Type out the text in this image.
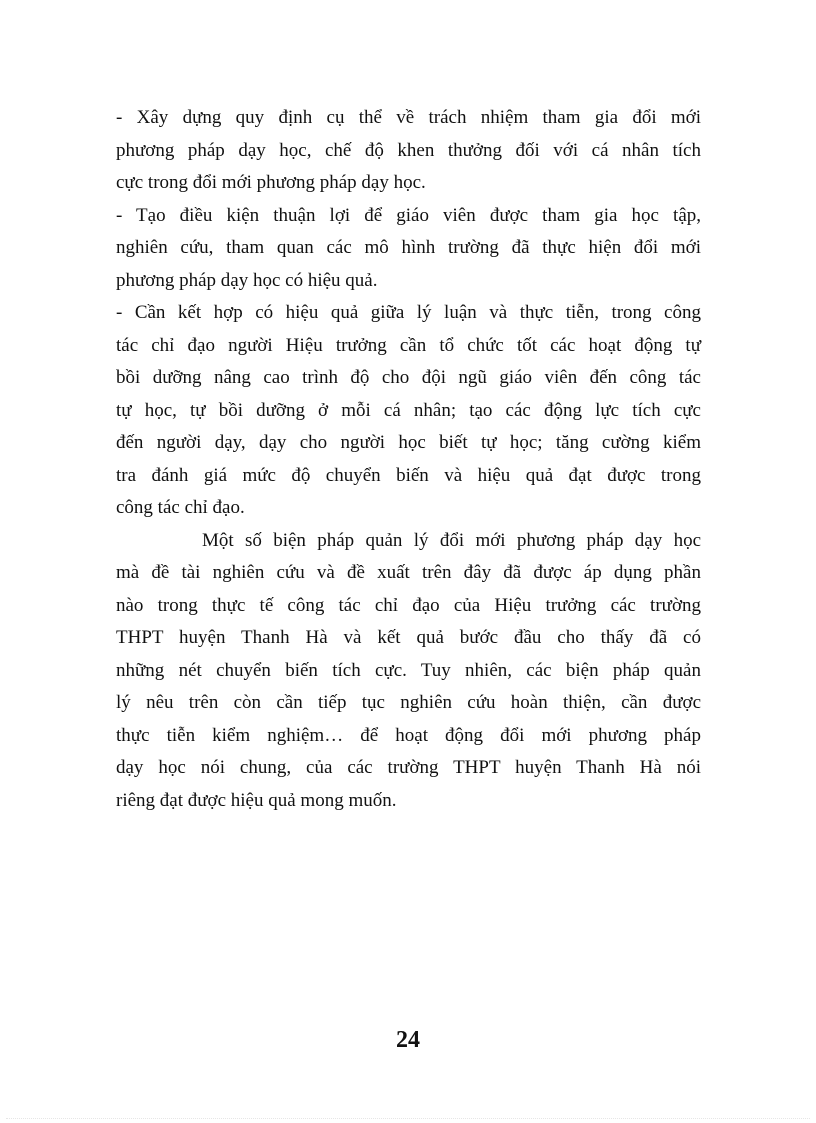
- Xây dựng quy định cụ thể về trách nhiệm tham gia đổi mới
phương pháp dạy học, chế độ khen thưởng đối với cá nhân tích
cực trong đổi mới phương pháp dạy học.
- Tạo điều kiện thuận lợi để giáo viên được tham gia học tập,
nghiên cứu, tham quan các mô hình trường đã thực hiện đổi mới
phương pháp dạy học có hiệu quả.
- Cần kết hợp có hiệu quả giữa lý luận và thực tiễn, trong công
tác chỉ đạo người Hiệu trưởng cần tổ chức tốt các hoạt động tự
bồi dưỡng nâng cao trình độ cho đội ngũ giáo viên đến công tác
tự học, tự bồi dưỡng ở mỗi cá nhân; tạo các động lực tích cực
đến người dạy, dạy cho người học biết tự học; tăng cường kiểm
tra đánh giá mức độ chuyển biến và hiệu quả đạt được trong
công tác chỉ đạo.
Một số biện pháp quản lý đổi mới phương pháp dạy học
mà đề tài nghiên cứu và đề xuất trên đây đã được áp dụng phần
nào trong thực tế công tác chỉ đạo của Hiệu trưởng các trường
THPT huyện Thanh Hà và kết quả bước đầu cho thấy đã có
những nét chuyển biến tích cực. Tuy nhiên, các biện pháp quản
lý nêu trên còn cần tiếp tục nghiên cứu hoàn thiện, cần được
thực tiễn kiểm nghiệm… để hoạt động đổi mới phương pháp
dạy học nói chung, của các trường THPT huyện Thanh Hà nói
riêng đạt được hiệu quả mong muốn.
24
